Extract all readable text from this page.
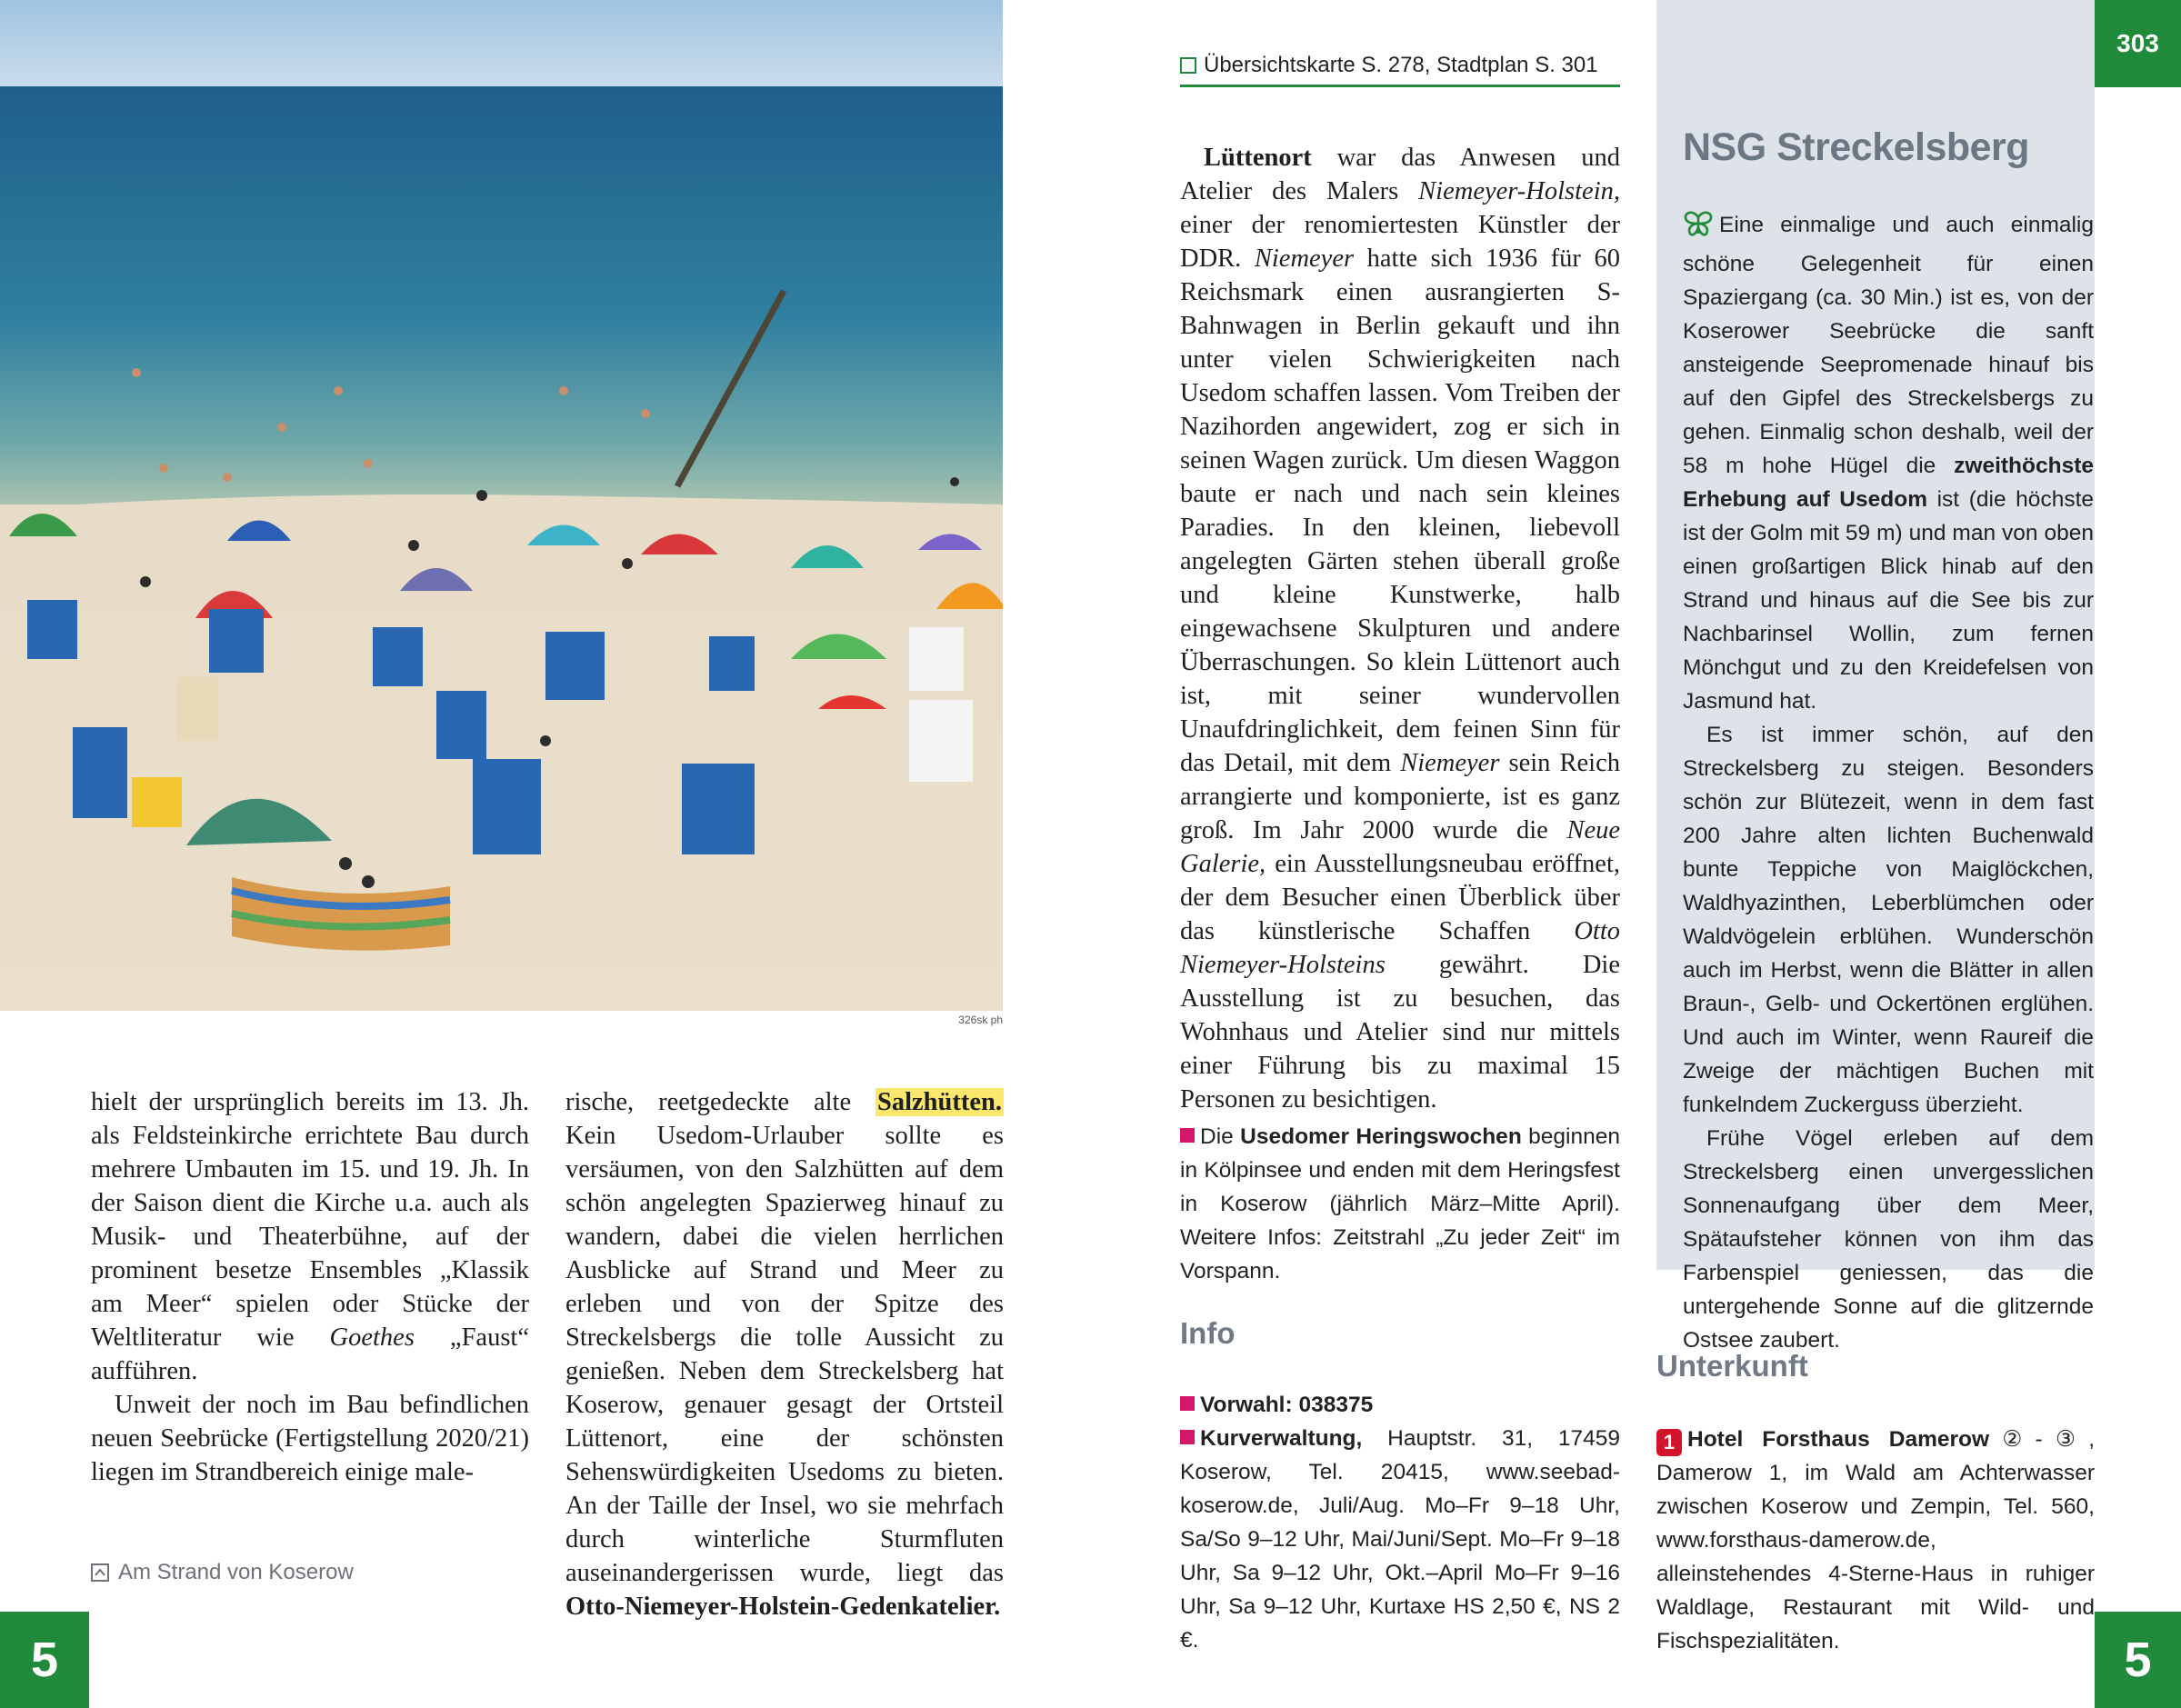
326sk ph

hielt der ursprünglich bereits im 13. Jh. als Feldsteinkirche errichtete Bau durch mehrere Umbauten im 15. und 19. Jh. In der Saison dient die Kirche u.a. auch als Musik- und Theaterbühne, auf der prominent besetze Ensembles „Klassik am Meer“ spielen oder Stücke der Weltliteratur wie Goethes „Faust“ aufführen.

Unweit der noch im Bau befindlichen neuen Seebrücke (Fertigstellung 2020/21) liegen im Strandbereich einige male-

rische, reetgedeckte alte Salzhütten. Kein Usedom-Urlauber sollte es versäumen, von den Salzhütten auf dem schön angelegten Spazierweg hinauf zu wandern, dabei die vielen herrlichen Ausblicke auf Strand und Meer zu erleben und von der Spitze des Streckelsbergs die tolle Aussicht zu genießen. Neben dem Streckelsberg hat Koserow, genauer gesagt der Ortsteil Lüttenort, eine der schönsten Sehenswürdigkeiten Usedoms zu bieten. An der Taille der Insel, wo sie mehrfach durch winterliche Sturmfluten auseinandergerissen wurde, liegt das Otto-Niemeyer-Holstein-Gedenkatelier.

Am Strand von Koserow
5
Übersichtskarte S. 278, Stadtplan S. 301

Lüttenort war das Anwesen und Atelier des Malers Niemeyer-Holstein, einer der renomiertesten Künstler der DDR. Niemeyer hatte sich 1936 für 60 Reichsmark einen ausrangierten S-Bahnwagen in Berlin gekauft und ihn unter vielen Schwierigkeiten nach Usedom schaffen lassen. Vom Treiben der Nazihorden angewidert, zog er sich in seinen Wagen zurück. Um diesen Waggon baute er nach und nach sein kleines Paradies. In den kleinen, liebevoll angelegten Gärten stehen überall große und kleine Kunstwerke, halb eingewachsene Skulpturen und andere Überraschungen. So klein Lüttenort auch ist, mit seiner wundervollen Unaufdringlichkeit, dem feinen Sinn für das Detail, mit dem Niemeyer sein Reich arrangierte und komponierte, ist es ganz groß. Im Jahr 2000 wurde die Neue Galerie, ein Ausstellungsneubau eröffnet, der dem Besucher einen Überblick über das künstlerische Schaffen Otto Niemeyer-Holsteins gewährt. Die Ausstellung ist zu besuchen, das Wohnhaus und Atelier sind nur mittels einer Führung bis zu maximal 15 Personen zu besichtigen.

Die Usedomer Heringswochen beginnen in Kölpinsee und enden mit dem Heringsfest in Koserow (jährlich März–Mitte April). Weitere Infos: Zeitstrahl „Zu jeder Zeit“ im Vorspann.
Info

Vorwahl: 038375

Kurverwaltung, Hauptstr. 31, 17459 Koserow, Tel. 20415, www.seebad-koserow.de, Juli/Aug. Mo–Fr 9–18 Uhr, Sa/So 9–12 Uhr, Mai/Juni/Sept. Mo–Fr 9–18 Uhr, Sa 9–12 Uhr, Okt.–April Mo–Fr 9–16 Uhr, Sa 9–12 Uhr, Kurtaxe HS 2,50 €, NS 2 €.

NSG Streckelsberg

Eine einmalige und auch einmalig schöne Gelegenheit für einen Spaziergang (ca. 30 Min.) ist es, von der Koserower Seebrücke die sanft ansteigende Seepromenade hinauf bis auf den Gipfel des Streckelsbergs zu gehen. Einmalig schon deshalb, weil der 58 m hohe Hügel die zweithöchste Erhebung auf Usedom ist (die höchste ist der Golm mit 59 m) und man von oben einen großartigen Blick hinab auf den Strand und hinaus auf die See bis zur Nachbarinsel Wollin, zum fernen Mönchgut und zu den Kreidefelsen von Jasmund hat.

Es ist immer schön, auf den Streckelsberg zu steigen. Besonders schön zur Blütezeit, wenn in dem fast 200 Jahre alten lichten Buchenwald bunte Teppiche von Maiglöckchen, Waldhyazinthen, Leberblümchen oder Waldvögelein erblühen. Wunderschön auch im Herbst, wenn die Blätter in allen Braun-, Gelb- und Ockertönen erglühen. Und auch im Winter, wenn Raureif die Zweige der mächtigen Buchen mit funkelndem Zuckerguss überzieht.

Frühe Vögel erleben auf dem Streckelsberg einen unvergesslichen Sonnenaufgang über dem Meer, Spätaufsteher können von ihm das Farbenspiel geniessen, das die untergehende Sonne auf die glitzernde Ostsee zaubert.

303
Unterkunft
1 Hotel Forsthaus Damerow②-③, Damerow 1, im Wald am Achterwasser zwischen Koserow und Zempin, Tel. 560, www.forsthaus-damerow.de, alleinstehendes 4-Sterne-Haus in ruhiger Waldlage, Restaurant mit Wild- und Fischspezialitäten.	5
